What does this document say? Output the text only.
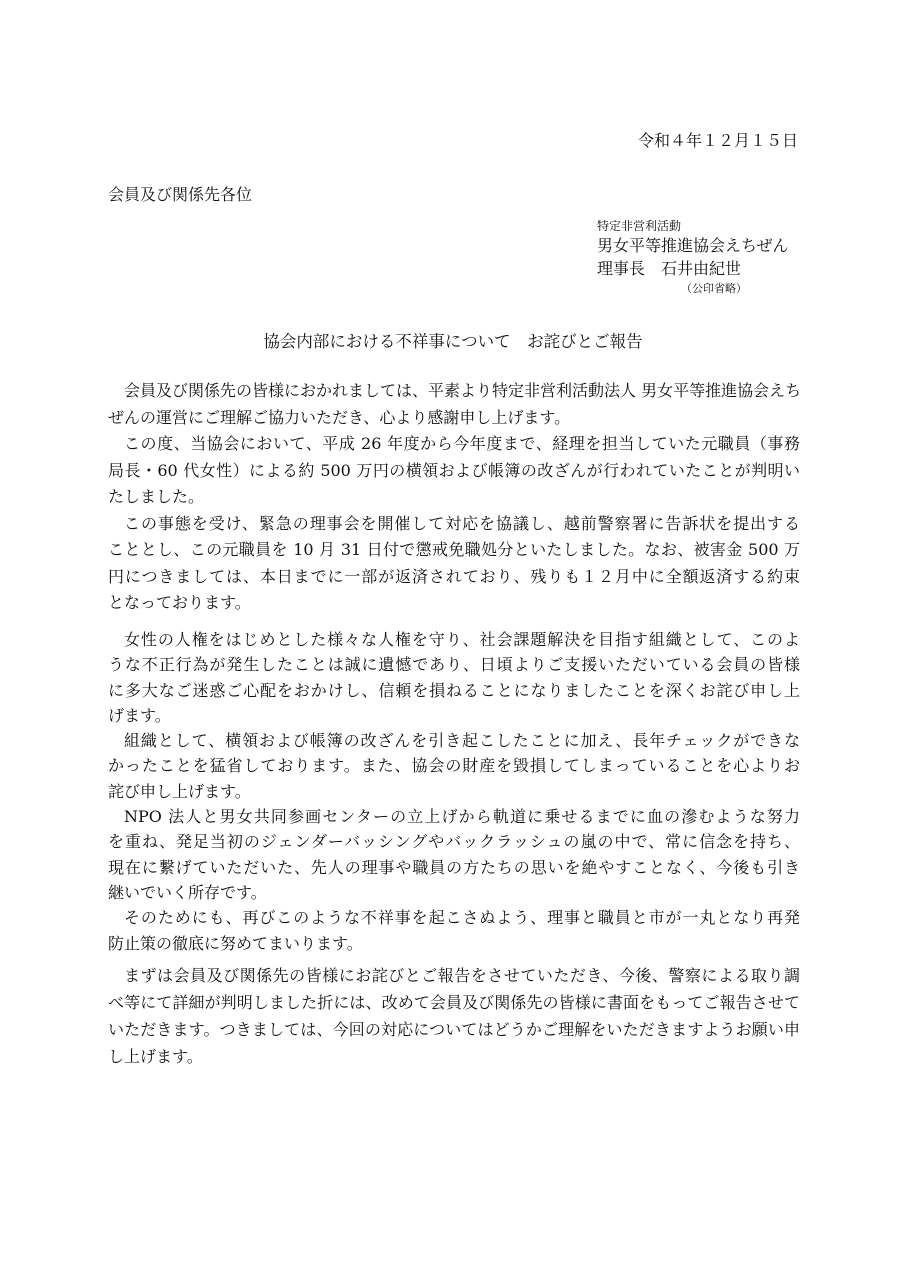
令和４年１２月１５日
会員及び関係先各位
特定非営利活動
男女平等推進協会えちぜん
理事長　石井由紀世
（公印省略）
協会内部における不祥事について　お詫びとご報告
会員及び関係先の皆様におかれましては、平素より特定非営利活動法人 男女平等推進協会えち
ぜんの運営にご理解ご協力いただき、心より感謝申し上げます。
この度、当協会において、平成 26 年度から今年度まで、経理を担当していた元職員（事務
局長・60 代女性）による約 500 万円の横領および帳簿の改ざんが行われていたことが判明い
たしました。
この事態を受け、緊急の理事会を開催して対応を協議し、越前警察署に告訴状を提出する
こととし、この元職員を 10 月 31 日付で懲戒免職処分といたしました。なお、被害金 500 万
円につきましては、本日までに一部が返済されており、残りも１２月中に全額返済する約束
となっております。
女性の人権をはじめとした様々な人権を守り、社会課題解決を目指す組織として、このよ
うな不正行為が発生したことは誠に遺憾であり、日頃よりご支援いただいている会員の皆様
に多大なご迷惑ご心配をおかけし、信頼を損ねることになりましたことを深くお詫び申し上
げます。
組織として、横領および帳簿の改ざんを引き起こしたことに加え、長年チェックができな
かったことを猛省しております。また、協会の財産を毀損してしまっていることを心よりお
詫び申し上げます。
NPO 法人と男女共同参画センターの立上げから軌道に乗せるまでに血の滲むような努力
を重ね、発足当初のジェンダーバッシングやバックラッシュの嵐の中で、常に信念を持ち、
現在に繋げていただいた、先人の理事や職員の方たちの思いを絶やすことなく、今後も引き
継いでいく所存です。
そのためにも、再びこのような不祥事を起こさぬよう、理事と職員と市が一丸となり再発
防止策の徹底に努めてまいります。
まずは会員及び関係先の皆様にお詫びとご報告をさせていただき、今後、警察による取り調
べ等にて詳細が判明しました折には、改めて会員及び関係先の皆様に書面をもってご報告させて
いただきます。つきましては、今回の対応についてはどうかご理解をいただきますようお願い申
し上げます。
